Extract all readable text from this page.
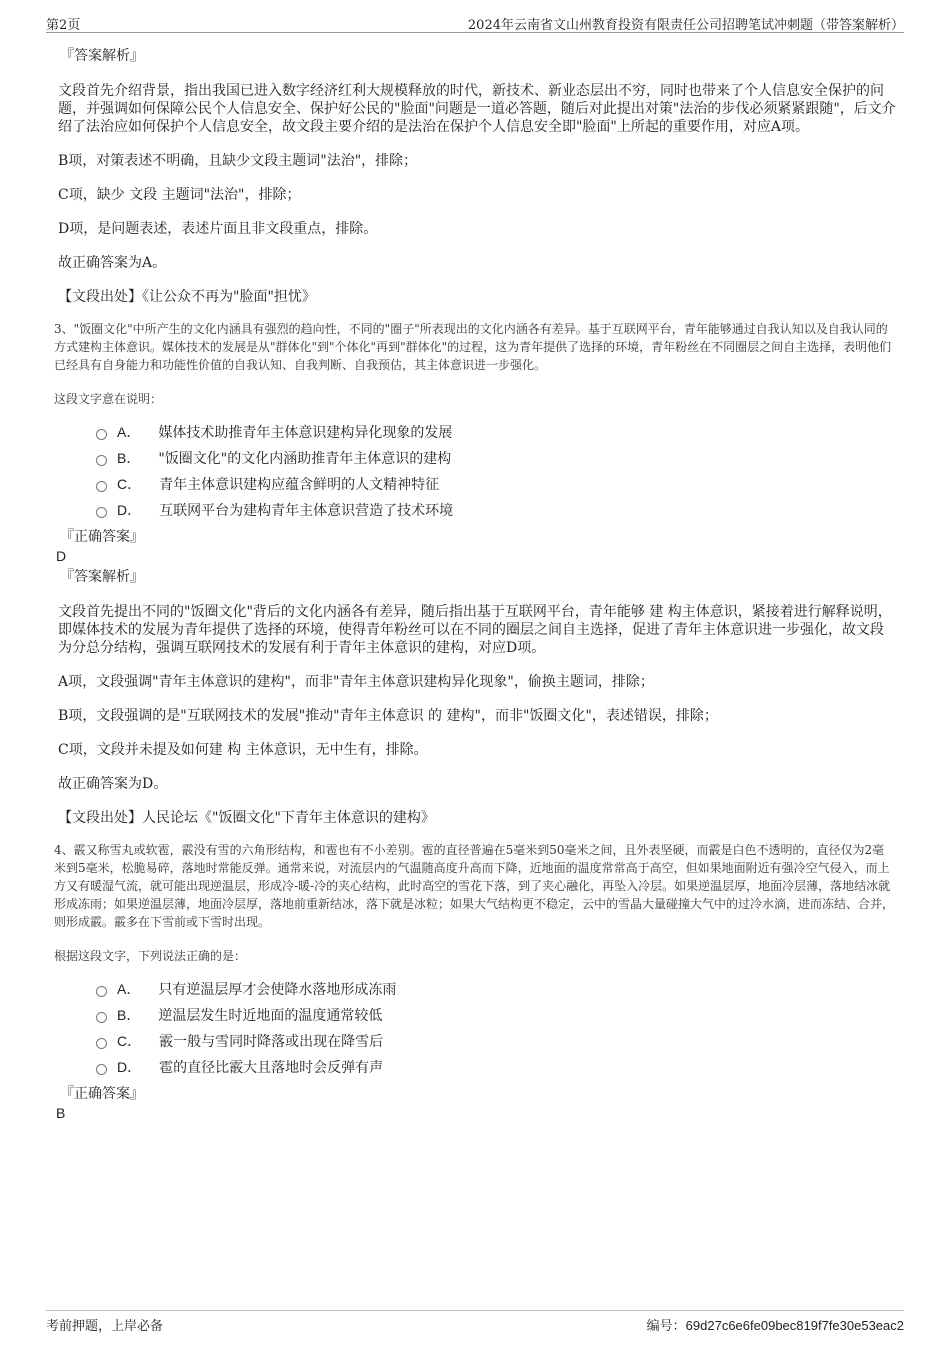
第2页	2024年云南省文山州教育投资有限责任公司招聘笔试冲刺题（带答案解析）
『答案解析』
文段首先介绍背景，指出我国已进入数字经济红利大规模释放的时代，新技术、新业态层出不穷，同时也带来了个人信息安全保护的问题，并强调如何保障公民个人信息安全、保护好公民的"脸面"问题是一道必答题，随后对此提出对策"法治的步伐必须紧紧跟随"，后文介绍了法治应如何保护个人信息安全，故文段主要介绍的是法治在保护个人信息安全即"脸面"上所起的重要作用，对应A项。
B项，对策表述不明确，且缺少文段主题词"法治"，排除；
C项，缺少 文段 主题词"法治"，排除；
D项，是问题表述，表述片面且非文段重点，排除。
故正确答案为A。
【文段出处】《让公众不再为"脸面"担忧》
3、"饭圈文化"中所产生的文化内涵具有强烈的趋向性，不同的"圈子"所表现出的文化内涵各有差异。基于互联网平台，青年能够通过自我认知以及自我认同的方式建构主体意识。媒体技术的发展是从"群体化"到"个体化"再到"群体化"的过程，这为青年提供了选择的环境，青年粉丝在不同圈层之间自主选择，表明他们已经具有自身能力和功能性价值的自我认知、自我判断、自我预估，其主体意识进一步强化。
这段文字意在说明：
A． 媒体技术助推青年主体意识建构异化现象的发展
B． "饭圈文化"的文化内涵助推青年主体意识的建构
C． 青年主体意识建构应蕴含鲜明的人文精神特征
D． 互联网平台为建构青年主体意识营造了技术环境
『正确答案』
D
『答案解析』
文段首先提出不同的"饭圈文化"背后的文化内涵各有差异，随后指出基于互联网平台，青年能够 建 构主体意识，紧接着进行解释说明，即媒体技术的发展为青年提供了选择的环境，使得青年粉丝可以在不同的圈层之间自主选择，促进了青年主体意识进一步强化，故文段为分总分结构，强调互联网技术的发展有利于青年主体意识的建构，对应D项。
A项，文段强调"青年主体意识的建构"，而非"青年主体意识建构异化现象"，偷换主题词，排除；
B项，文段强调的是"互联网技术的发展"推动"青年主体意识 的 建构"，而非"饭圈文化"，表述错误，排除；
C项，文段并未提及如何建 构 主体意识，无中生有，排除。
故正确答案为D。
【文段出处】人民论坛《"饭圈文化"下青年主体意识的建构》
4、霰又称雪丸或软雹，霰没有雪的六角形结构，和雹也有不小差别。雹的直径普遍在5毫米到50毫米之间，且外表坚硬，而霰是白色不透明的，直径仅为2毫米到5毫米，松脆易碎，落地时常能反弹。通常来说，对流层内的气温随高度升高而下降，近地面的温度常常高于高空，但如果地面附近有强冷空气侵入，而上方又有暖湿气流，就可能出现逆温层，形成冷-暖-冷的夹心结构，此时高空的雪花下落，到了夹心融化，再坠入冷层。如果逆温层厚，地面冷层薄，落地结冰就形成冻雨；如果逆温层薄，地面冷层厚，落地前重新结冰，落下就是冰粒；如果大气结构更不稳定，云中的雪晶大量碰撞大气中的过冷水滴，进而冻结、合并，则形成霰。霰多在下雪前或下雪时出现。
根据这段文字，下列说法正确的是：
A． 只有逆温层厚才会使降水落地形成冻雨
B． 逆温层发生时近地面的温度通常较低
C． 霰一般与雪同时降落或出现在降雪后
D． 雹的直径比霰大且落地时会反弹有声
『正确答案』
B
考前押题，上岸必备	编号：69d27c6e6fe09bec819f7fe30e53eac2
